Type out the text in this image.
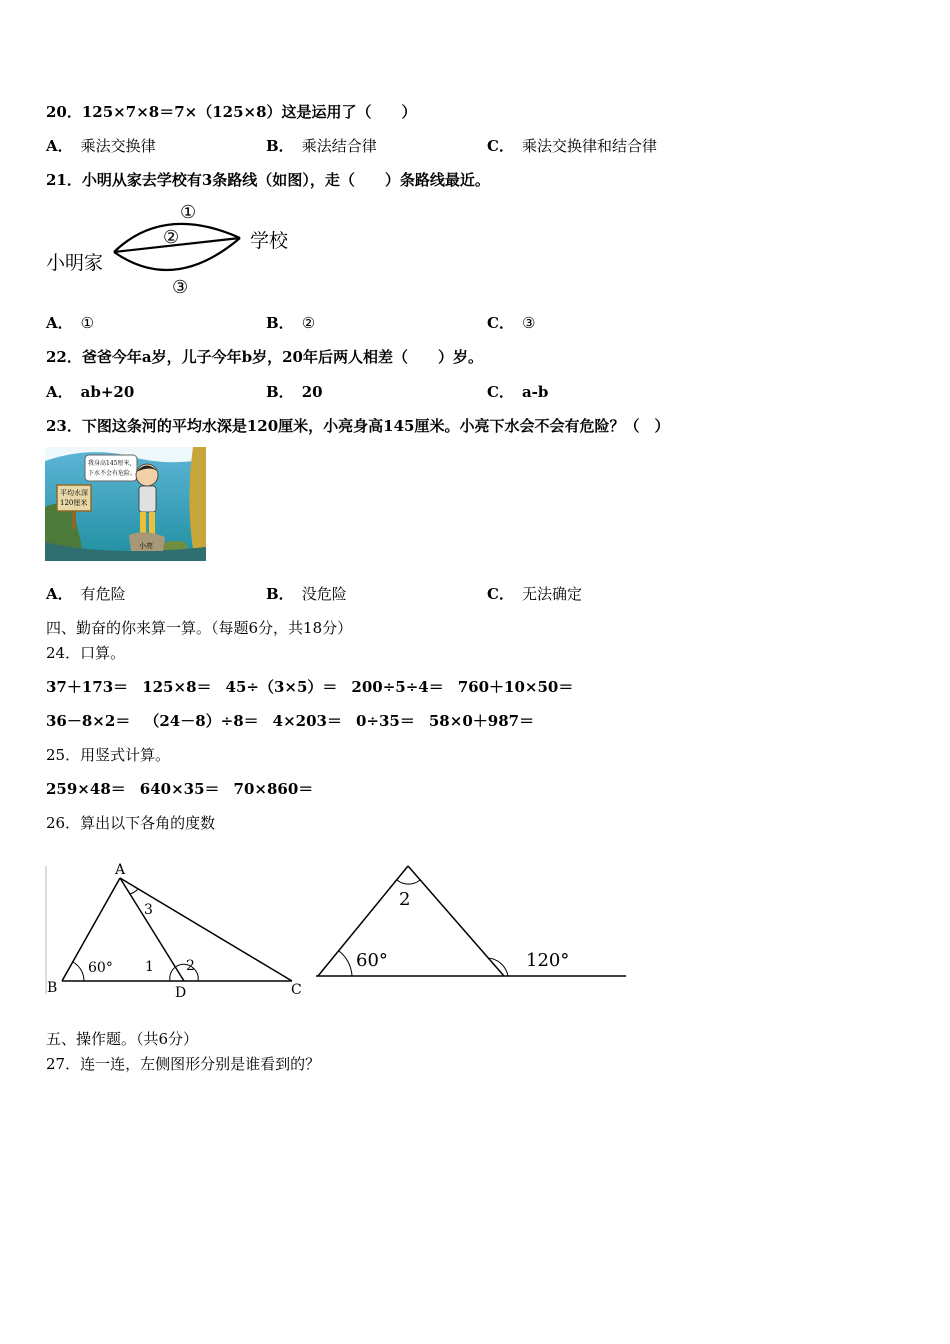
20．125×7×8＝7×（125×8）这是运用了（　　）
A． 乘法交换律	B． 乘法结合律	C． 乘法交换律和结合律
21．小明从家去学校有3条路线（如图），走（　　）条路线最近。
小明家
学校
①
②
③
A． ①	B． ②	C． ③
22．爸爸今年a岁，儿子今年b岁，20年后两人相差（　　）岁。
A． ab+20	B． 20	C． a-b
23．下图这条河的平均水深是120厘米，小亮身高145厘米。小亮下水会不会有危险？（　）
平均水深
120厘米
我身高145厘米,
下水不会有危险。
小亮
A． 有危险	B． 没危险	C． 无法确定
四、勤奋的你来算一算。（每题6分，共18分）
24．口算。
37＋173＝ 125×8＝ 45÷（3×5）＝ 200÷5÷4＝ 760＋10×50＝
36－8×2＝ （24－8）÷8＝ 4×203＝ 0÷35＝ 58×0＋987＝
25．用竖式计算。
259×48＝ 640×35＝ 70×860＝
26．算出以下各角的度数
A
B	C
D
60° 1 2
3	2
60°	120°
五、操作题。（共6分）
27．连一连，左侧图形分别是谁看到的？
